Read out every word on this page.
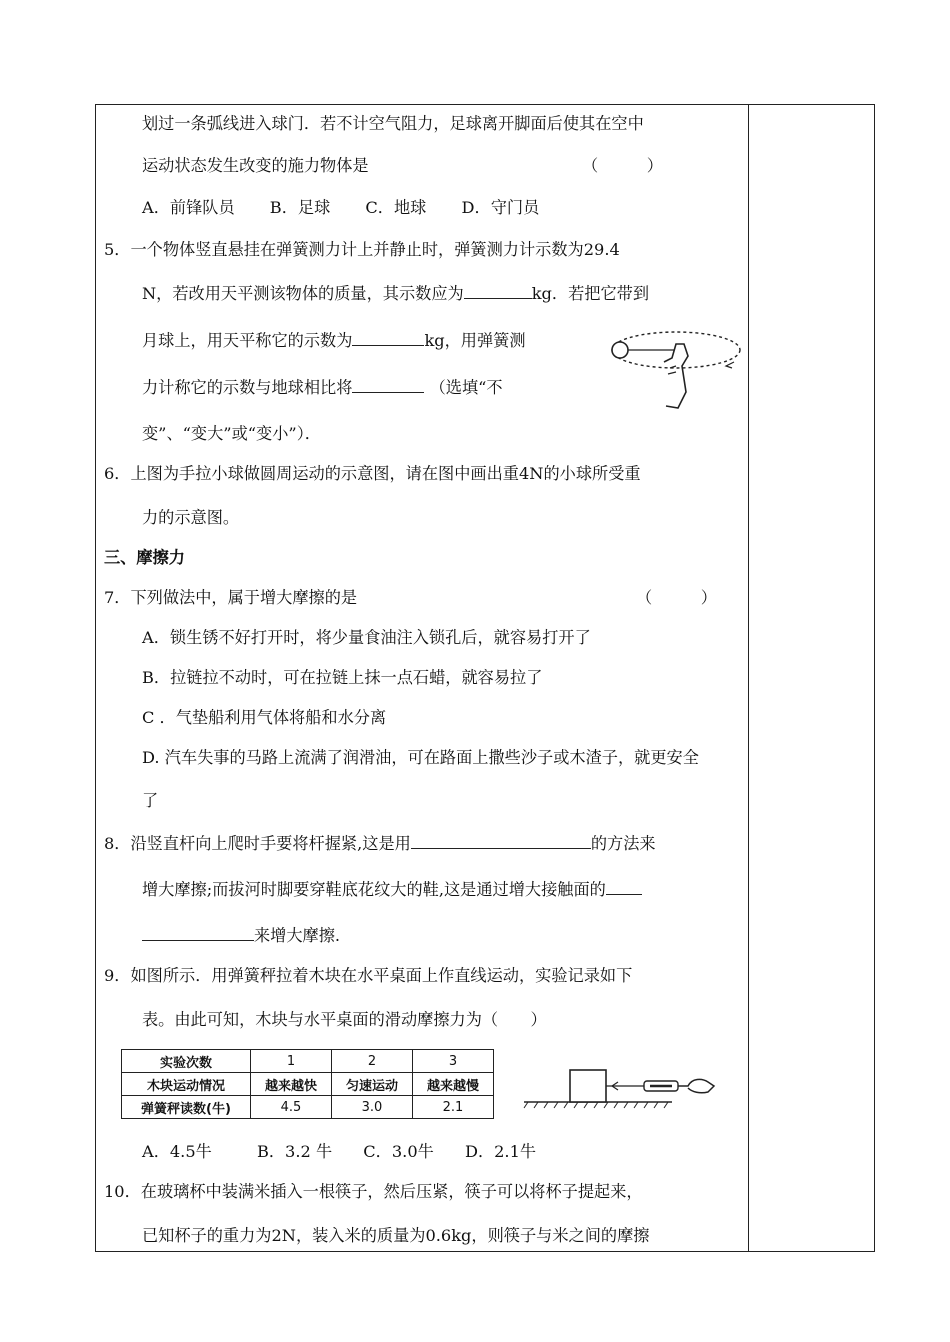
划过一条弧线进入球门．若不计空气阻力，足球离开脚面后使其在空中
运动状态发生改变的施力物体是	（　　　）
A．前锋队员 B．足球 C．地球 D．守门员
5．一个物体竖直悬挂在弹簧测力计上并静止时，弹簧测力计示数为29.4
N，若改用天平测该物体的质量，其示数应为	kg．若把它带到
月球上，用天平称它的示数为	kg，用弹簧测
力计称它的示数与地球相比将	（选填“不
变”、“变大”或“变小”）．
6．上图为手拉小球做圆周运动的示意图，请在图中画出重4N的小球所受重
力的示意图。
三、摩擦力
7．下列做法中，属于增大摩擦的是	（　　　）
A．锁生锈不好打开时，将少量食油注入锁孔后，就容易打开了
B．拉链拉不动时，可在拉链上抹一点石蜡，就容易拉了
C ．气垫船利用气体将船和水分离
D. 汽车失事的马路上流满了润滑油，可在路面上撒些沙子或木渣子，就更安全
了
8．沿竖直杆向上爬时手要将杆握紧,这是用	的方法来
增大摩擦;而拔河时脚要穿鞋底花纹大的鞋,这是通过增大接触面的
来增大摩擦.
9．如图所示．用弹簧秤拉着木块在水平桌面上作直线运动，实验记录如下
表。由此可知，木块与水平桌面的滑动摩擦力为（　　）
A．4.5牛	B．3.2 牛 C．3.0牛 D．2.1牛
10．在玻璃杯中装满米插入一根筷子，然后压紧，筷子可以将杯子提起来，
已知杯子的重力为2N，装入米的质量为0.6kg，则筷子与米之间的摩擦
实验次数	1	2	3
木块运动情况	越来越快	匀速运动	越来越慢
弹簧秤读数(牛)	4.5	3.0	2.1
